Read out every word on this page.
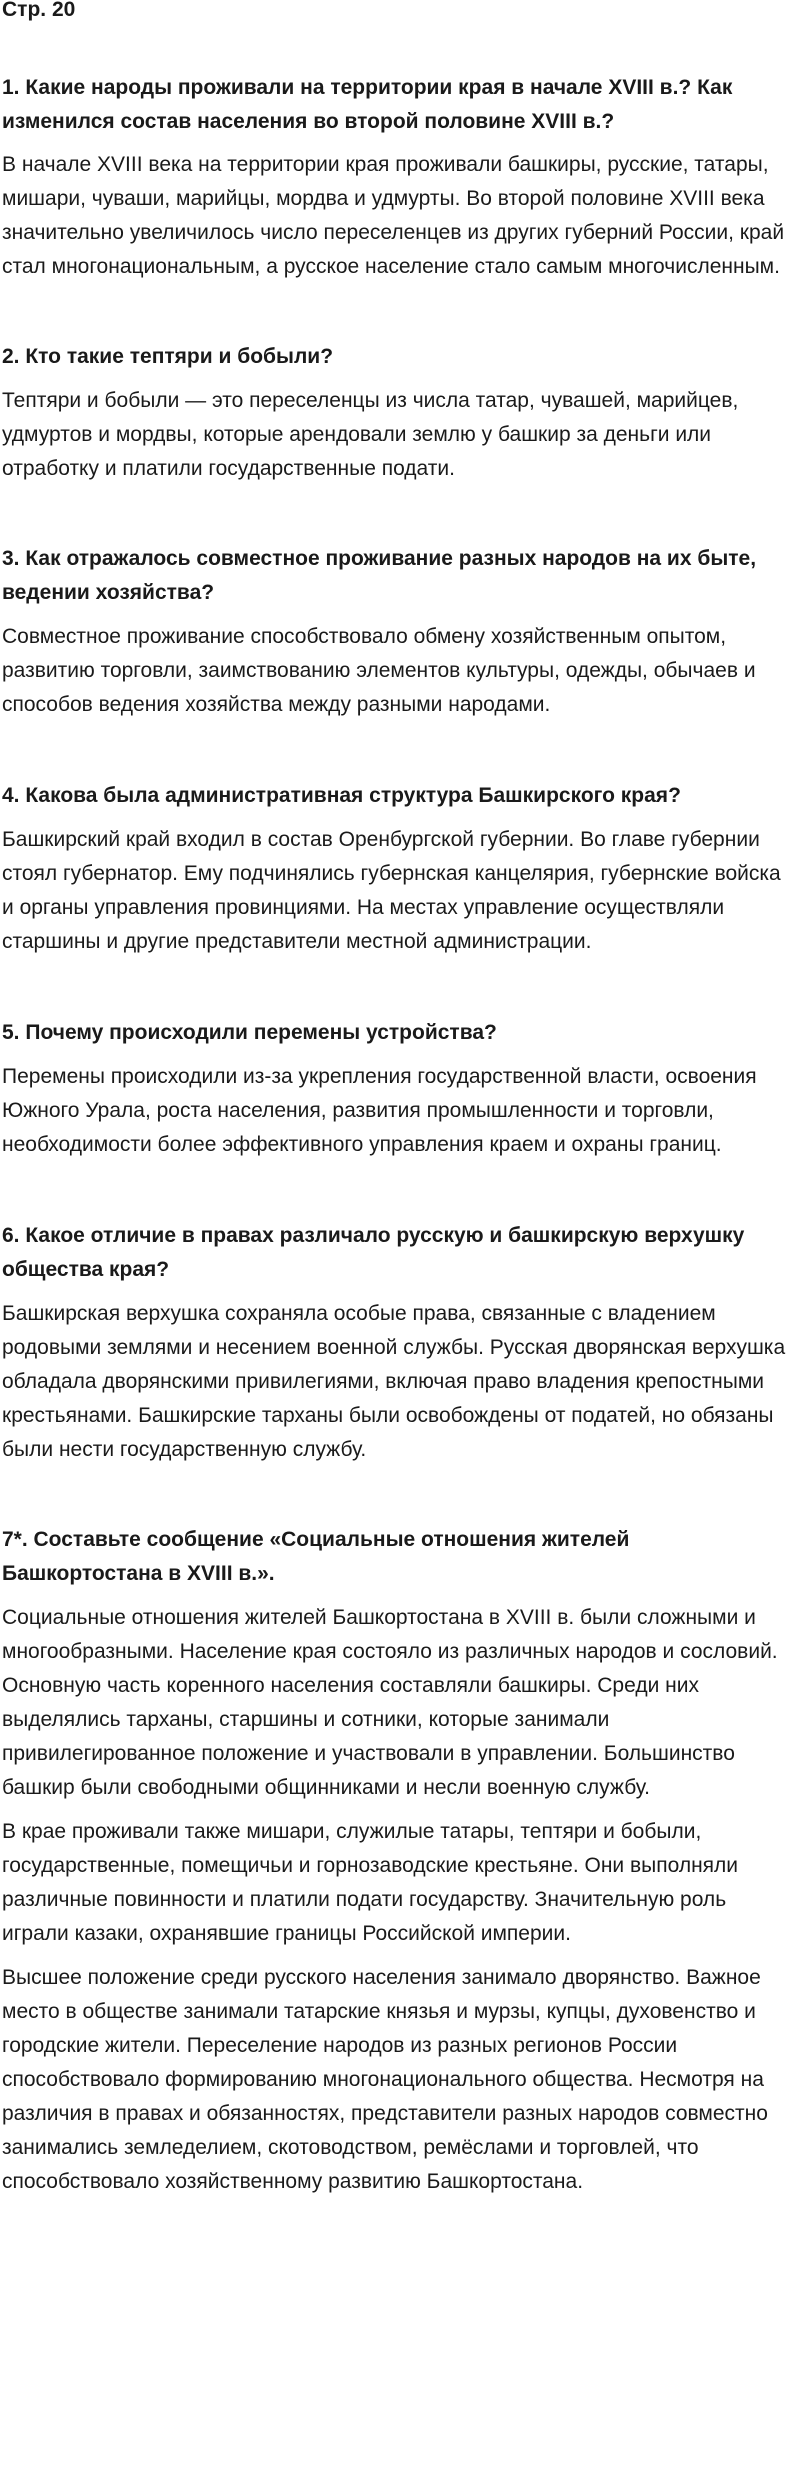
Стр. 20

1. Какие народы проживали на территории края в начале XVIII в.? Как изменился состав населения во второй половине XVIII в.?

В начале XVIII века на территории края проживали башкиры, русские, татары, мишари, чуваши, марийцы, мордва и удмурты. Во второй половине XVIII века значительно увеличилось число переселенцев из других губерний России, край стал многонациональным, а русское население стало самым многочисленным.

2. Кто такие тептяри и бобыли?

Тептяри и бобыли — это переселенцы из числа татар, чувашей, марийцев, удмуртов и мордвы, которые арендовали землю у башкир за деньги или отработку и платили государственные подати.

3. Как отражалось совместное проживание разных народов на их быте, ведении хозяйства?

Совместное проживание способствовало обмену хозяйственным опытом, развитию торговли, заимствованию элементов культуры, одежды, обычаев и способов ведения хозяйства между разными народами.

4. Какова была административная структура Башкирского края?

Башкирский край входил в состав Оренбургской губернии. Во главе губернии стоял губернатор. Ему подчинялись губернская канцелярия, губернские войска и органы управления провинциями. На местах управление осуществляли старшины и другие представители местной администрации.

5. Почему происходили перемены устройства?

Перемены происходили из-за укрепления государственной власти, освоения Южного Урала, роста населения, развития промышленности и торговли, необходимости более эффективного управления краем и охраны границ.

6. Какое отличие в правах различало русскую и башкирскую верхушку общества края?

Башкирская верхушка сохраняла особые права, связанные с владением родовыми землями и несением военной службы. Русская дворянская верхушка обладала дворянскими привилегиями, включая право владения крепостными крестьянами. Башкирские тарханы были освобождены от податей, но обязаны были нести государственную службу.

7*. Составьте сообщение «Социальные отношения жителей Башкортостана в XVIII в.».

Социальные отношения жителей Башкортостана в XVIII в. были сложными и многообразными. Население края состояло из различных народов и сословий. Основную часть коренного населения составляли башкиры. Среди них выделялись тарханы, старшины и сотники, которые занимали привилегированное положение и участвовали в управлении. Большинство башкир были свободными общинниками и несли военную службу.

В крае проживали также мишари, служилые татары, тептяри и бобыли, государственные, помещичьи и горнозаводские крестьяне. Они выполняли различные повинности и платили подати государству. Значительную роль играли казаки, охранявшие границы Российской империи.

Высшее положение среди русского населения занимало дворянство. Важное место в обществе занимали татарские князья и мурзы, купцы, духовенство и городские жители. Переселение народов из разных регионов России способствовало формированию многонационального общества. Несмотря на различия в правах и обязанностях, представители разных народов совместно занимались земледелием, скотоводством, ремёслами и торговлей, что способствовало хозяйственному развитию Башкортостана.
